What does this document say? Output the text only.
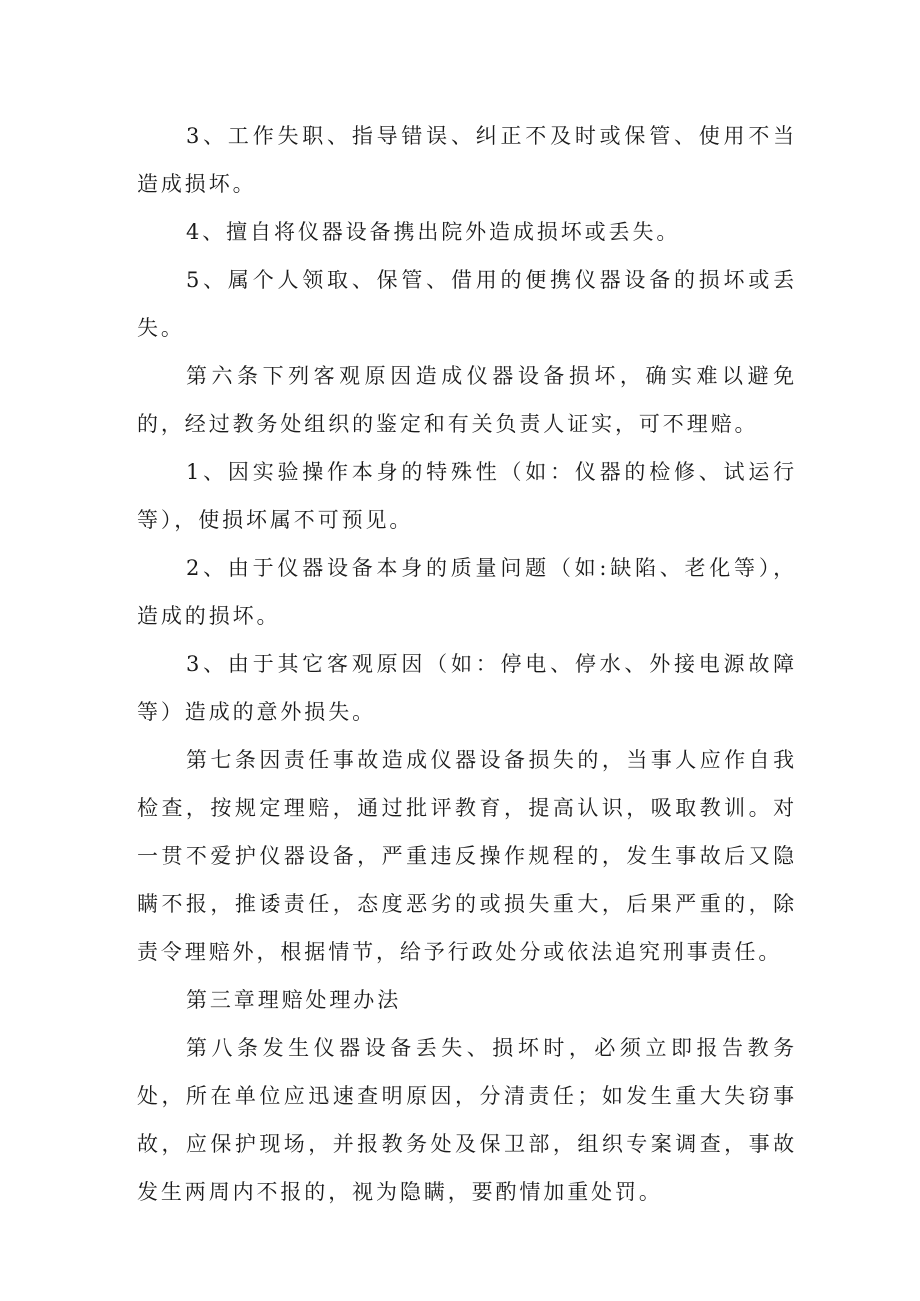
3、工作失职、指导错误、纠正不及时或保管、使用不当造成损坏。

4、擅自将仪器设备携出院外造成损坏或丢失。

5、属个人领取、保管、借用的便携仪器设备的损坏或丢失。

第六条下列客观原因造成仪器设备损坏，确实难以避免的，经过教务处组织的鉴定和有关负责人证实，可不理赔。

1、因实验操作本身的特殊性（如：仪器的检修、试运行等），使损坏属不可预见。

2、由于仪器设备本身的质量问题（如:缺陷、老化等），造成的损坏。

3、由于其它客观原因（如：停电、停水、外接电源故障等）造成的意外损失。

第七条因责任事故造成仪器设备损失的，当事人应作自我检查，按规定理赔，通过批评教育，提高认识，吸取教训。对一贯不爱护仪器设备，严重违反操作规程的，发生事故后又隐瞒不报，推诿责任，态度恶劣的或损失重大，后果严重的，除责令理赔外，根据情节，给予行政处分或依法追究刑事责任。

第三章理赔处理办法

第八条发生仪器设备丢失、损坏时，必须立即报告教务处，所在单位应迅速查明原因，分清责任；如发生重大失窃事故，应保护现场，并报教务处及保卫部，组织专案调查，事故发生两周内不报的，视为隐瞒，要酌情加重处罚。
